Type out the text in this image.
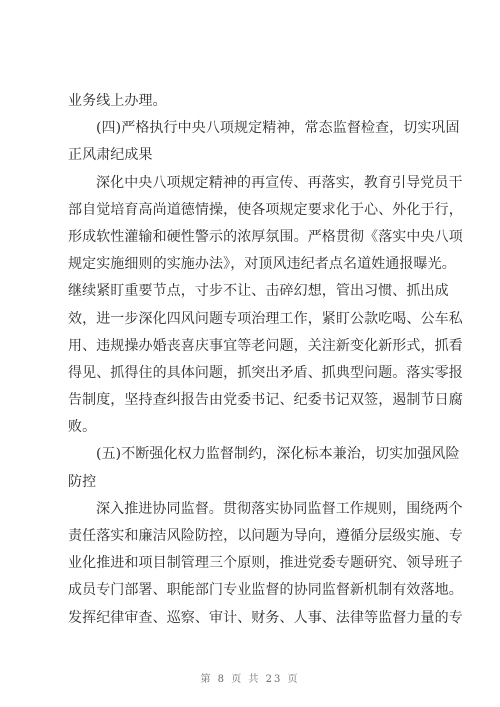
业务线上办理。
(四)严格执行中央八项规定精神，常态监督检查，切实巩固
正风肃纪成果
深化中央八项规定精神的再宣传、再落实，教育引导党员干
部自觉培育高尚道德情操，使各项规定要求化于心、外化于行，
形成软性灌输和硬性警示的浓厚氛围。严格贯彻《落实中央八项
规定实施细则的实施办法》，对顶风违纪者点名道姓通报曝光。
继续紧盯重要节点，寸步不让、击碎幻想，管出习惯、抓出成
效，进一步深化四风问题专项治理工作，紧盯公款吃喝、公车私
用、违规操办婚丧喜庆事宜等老问题，关注新变化新形式，抓看
得见、抓得住的具体问题，抓突出矛盾、抓典型问题。落实零报
告制度，坚持查纠报告由党委书记、纪委书记双签，遏制节日腐
败。
(五)不断强化权力监督制约，深化标本兼治，切实加强风险
防控
深入推进协同监督。贯彻落实协同监督工作规则，围绕两个
责任落实和廉洁风险防控，以问题为导向，遵循分层级实施、专
业化推进和项目制管理三个原则，推进党委专题研究、领导班子
成员专门部署、职能部门专业监督的协同监督新机制有效落地。
发挥纪律审查、巡察、审计、财务、人事、法律等监督力量的专
第 8 页 共 23 页
